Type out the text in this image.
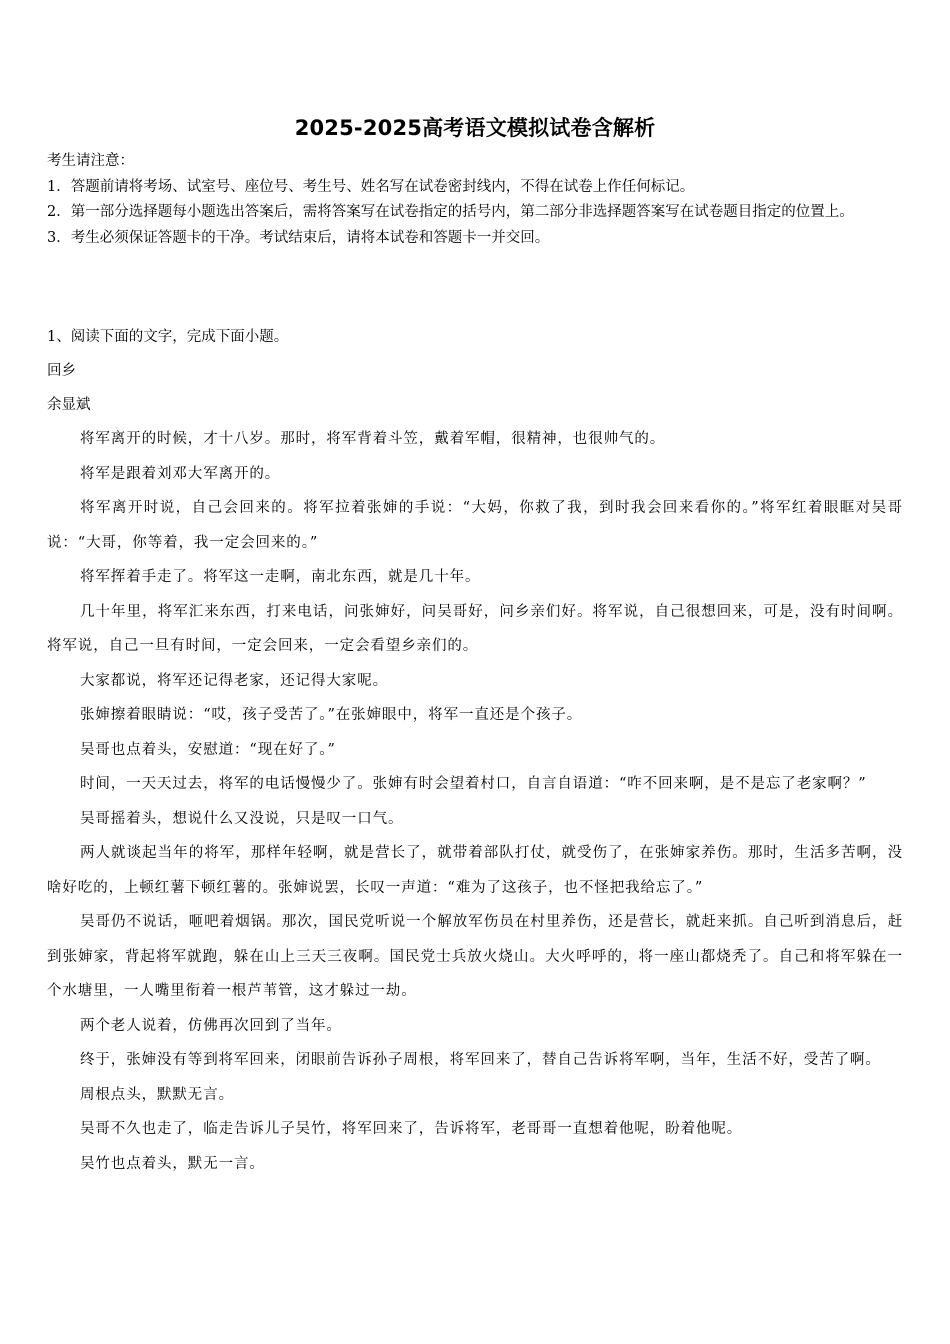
2025-2025高考语文模拟试卷含解析

考生请注意：

1．答题前请将考场、试室号、座位号、考生号、姓名写在试卷密封线内，不得在试卷上作任何标记。

2．第一部分选择题每小题选出答案后，需将答案写在试卷指定的括号内，第二部分非选择题答案写在试卷题目指定的位置上。

3．考生必须保证答题卡的干净。考试结束后，请将本试卷和答题卡一并交回。

1、阅读下面的文字，完成下面小题。

回乡

余显斌

将军离开的时候，才十八岁。那时，将军背着斗笠，戴着军帽，很精神，也很帅气的。

将军是跟着刘邓大军离开的。

将军离开时说，自己会回来的。将军拉着张婶的手说：“大妈，你救了我，到时我会回来看你的。”将军红着眼眶对吴哥说：“大哥，你等着，我一定会回来的。”

将军挥着手走了。将军这一走啊，南北东西，就是几十年。

几十年里，将军汇来东西，打来电话，问张婶好，问吴哥好，问乡亲们好。将军说，自己很想回来，可是，没有时间啊。将军说，自己一旦有时间，一定会回来，一定会看望乡亲们的。

大家都说，将军还记得老家，还记得大家呢。

张婶擦着眼睛说：“哎，孩子受苦了。”在张婶眼中，将军一直还是个孩子。

吴哥也点着头，安慰道：“现在好了。”

时间，一天天过去，将军的电话慢慢少了。张婶有时会望着村口，自言自语道：“咋不回来啊，是不是忘了老家啊？”

吴哥摇着头，想说什么又没说，只是叹一口气。

两人就谈起当年的将军，那样年轻啊，就是营长了，就带着部队打仗，就受伤了，在张婶家养伤。那时，生活多苦啊，没啥好吃的，上顿红薯下顿红薯的。张婶说罢，长叹一声道：“难为了这孩子，也不怪把我给忘了。”

吴哥仍不说话，咂吧着烟锅。那次，国民党听说一个解放军伤员在村里养伤，还是营长，就赶来抓。自己听到消息后，赶到张婶家，背起将军就跑，躲在山上三天三夜啊。国民党士兵放火烧山。大火呼呼的，将一座山都烧秃了。自己和将军躲在一个水塘里，一人嘴里衔着一根芦苇管，这才躲过一劫。

两个老人说着，仿佛再次回到了当年。

终于，张婶没有等到将军回来，闭眼前告诉孙子周根，将军回来了，替自己告诉将军啊，当年，生活不好，受苦了啊。

周根点头，默默无言。

吴哥不久也走了，临走告诉儿子吴竹，将军回来了，告诉将军，老哥哥一直想着他呢，盼着他呢。

吴竹也点着头，默无一言。
